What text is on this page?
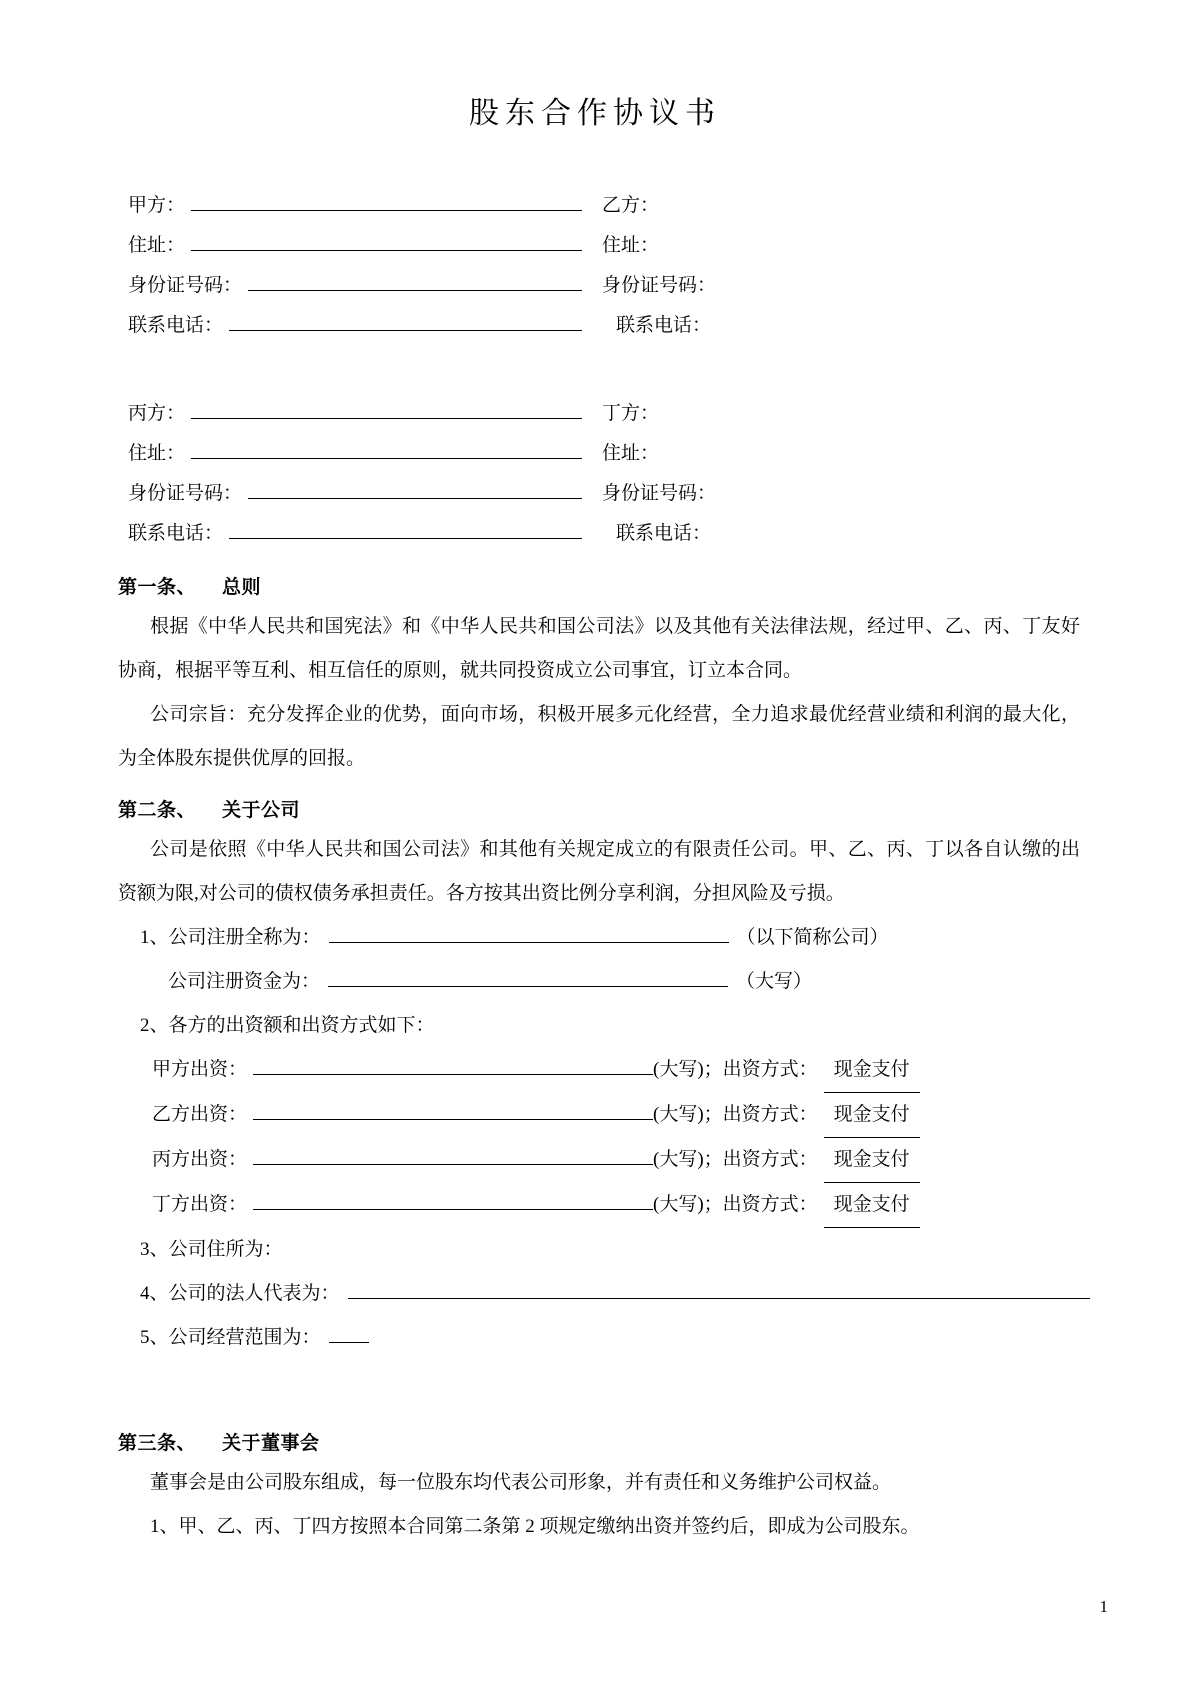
股东合作协议书
甲方：	乙方：
住址：	住址：
身份证号码：	身份证号码：
联系电话：	联系电话：
丙方：	丁方：
住址：	住址：
身份证号码：	身份证号码：
联系电话：	联系电话：
第一条、 总则

根据《中华人民共和国宪法》和《中华人民共和国公司法》以及其他有关法律法规，经过甲、乙、丙、丁友好协商，根据平等互利、相互信任的原则，就共同投资成立公司事宜，订立本合同。

公司宗旨：充分发挥企业的优势，面向市场，积极开展多元化经营，全力追求最优经营业绩和利润的最大化，为全体股东提供优厚的回报。

第二条、 关于公司

公司是依照《中华人民共和国公司法》和其他有关规定成立的有限责任公司。甲、乙、丙、丁以各自认缴的出资额为限,对公司的债权债务承担责任。各方按其出资比例分享利润，分担风险及亏损。

1、公司注册全称为：	（以下简称公司）
公司注册资金为：	（大写）
2、各方的出资额和出资方式如下：
甲方出资：	(大写)；出资方式： 现金支付
乙方出资：	(大写)；出资方式： 现金支付
丙方出资：	(大写)；出资方式： 现金支付
丁方出资：	(大写)；出资方式： 现金支付
3、公司住所为：
4、公司的法人代表为：
5、公司经营范围为：
第三条、 关于董事会

董事会是由公司股东组成，每一位股东均代表公司形象，并有责任和义务维护公司权益。

1、甲、乙、丙、丁四方按照本合同第二条第 2 项规定缴纳出资并签约后，即成为公司股东。

1
